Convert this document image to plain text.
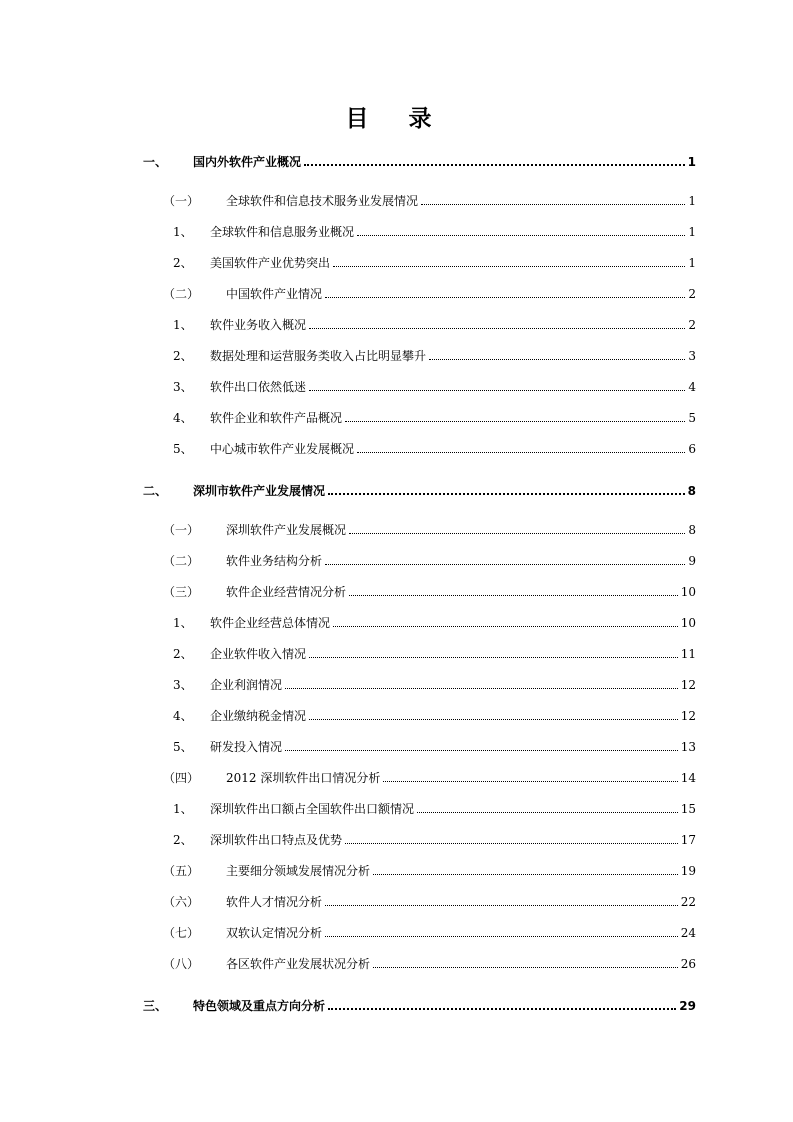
目 录
一、	国内外软件产业概况	1
（一）	全球软件和信息技术服务业发展情况	1
1、	全球软件和信息服务业概况	1
2、	美国软件产业优势突出	1
（二）	中国软件产业情况	2
1、	软件业务收入概况	2
2、	数据处理和运营服务类收入占比明显攀升	3
3、	软件出口依然低迷	4
4、	软件企业和软件产品概况	5
5、	中心城市软件产业发展概况	6
二、	深圳市软件产业发展情况	8
（一）	深圳软件产业发展概况	8
（二）	软件业务结构分析	9
（三）	软件企业经营情况分析	10
1、	软件企业经营总体情况	10
2、	企业软件收入情况	11
3、	企业利润情况	12
4、	企业缴纳税金情况	12
5、	研发投入情况	13
（四）	2012 深圳软件出口情况分析	14
1、	深圳软件出口额占全国软件出口额情况	15
2、	深圳软件出口特点及优势	17
（五）	主要细分领域发展情况分析	19
（六）	软件人才情况分析	22
（七）	双软认定情况分析	24
（八）	各区软件产业发展状况分析	26
三、	特色领域及重点方向分析	29
